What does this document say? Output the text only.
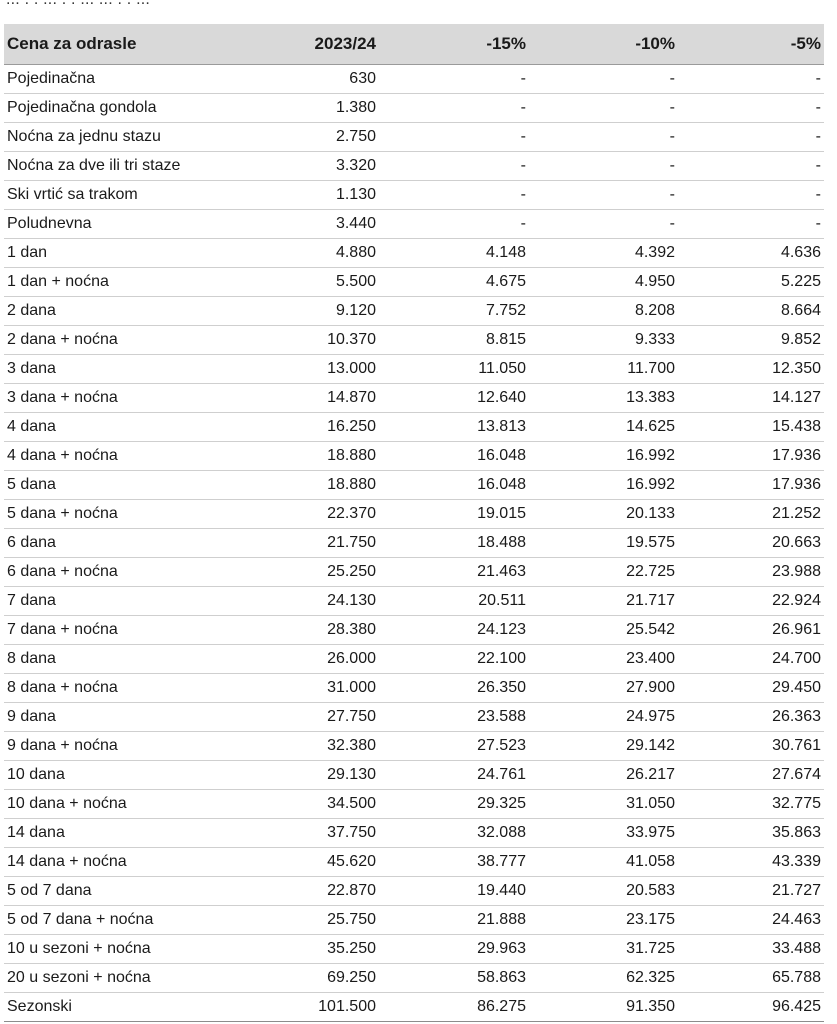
Cena za odrasle	2023/24	-15%	-10%	-5%
Pojedinačna	630	-	-	-
Pojedinačna gondola	1.380	-	-	-
Noćna za jednu stazu	2.750	-	-	-
Noćna za dve ili tri staze	3.320	-	-	-
Ski vrtić sa trakom	1.130	-	-	-
Poludnevna	3.440	-	-	-
1 dan	4.880	4.148	4.392	4.636
1 dan + noćna	5.500	4.675	4.950	5.225
2 dana	9.120	7.752	8.208	8.664
2 dana + noćna	10.370	8.815	9.333	9.852
3 dana	13.000	11.050	11.700	12.350
3 dana + noćna	14.870	12.640	13.383	14.127
4 dana	16.250	13.813	14.625	15.438
4 dana + noćna	18.880	16.048	16.992	17.936
5 dana	18.880	16.048	16.992	17.936
5 dana + noćna	22.370	19.015	20.133	21.252
6 dana	21.750	18.488	19.575	20.663
6 dana + noćna	25.250	21.463	22.725	23.988
7 dana	24.130	20.511	21.717	22.924
7 dana + noćna	28.380	24.123	25.542	26.961
8 dana	26.000	22.100	23.400	24.700
8 dana + noćna	31.000	26.350	27.900	29.450
9 dana	27.750	23.588	24.975	26.363
9 dana + noćna	32.380	27.523	29.142	30.761
10 dana	29.130	24.761	26.217	27.674
10 dana + noćna	34.500	29.325	31.050	32.775
14 dana	37.750	32.088	33.975	35.863
14 dana + noćna	45.620	38.777	41.058	43.339
5 od 7 dana	22.870	19.440	20.583	21.727
5 od 7 dana + noćna	25.750	21.888	23.175	24.463
10 u sezoni + noćna	35.250	29.963	31.725	33.488
20 u sezoni + noćna	69.250	58.863	62.325	65.788
Sezonski	101.500	86.275	91.350	96.425
